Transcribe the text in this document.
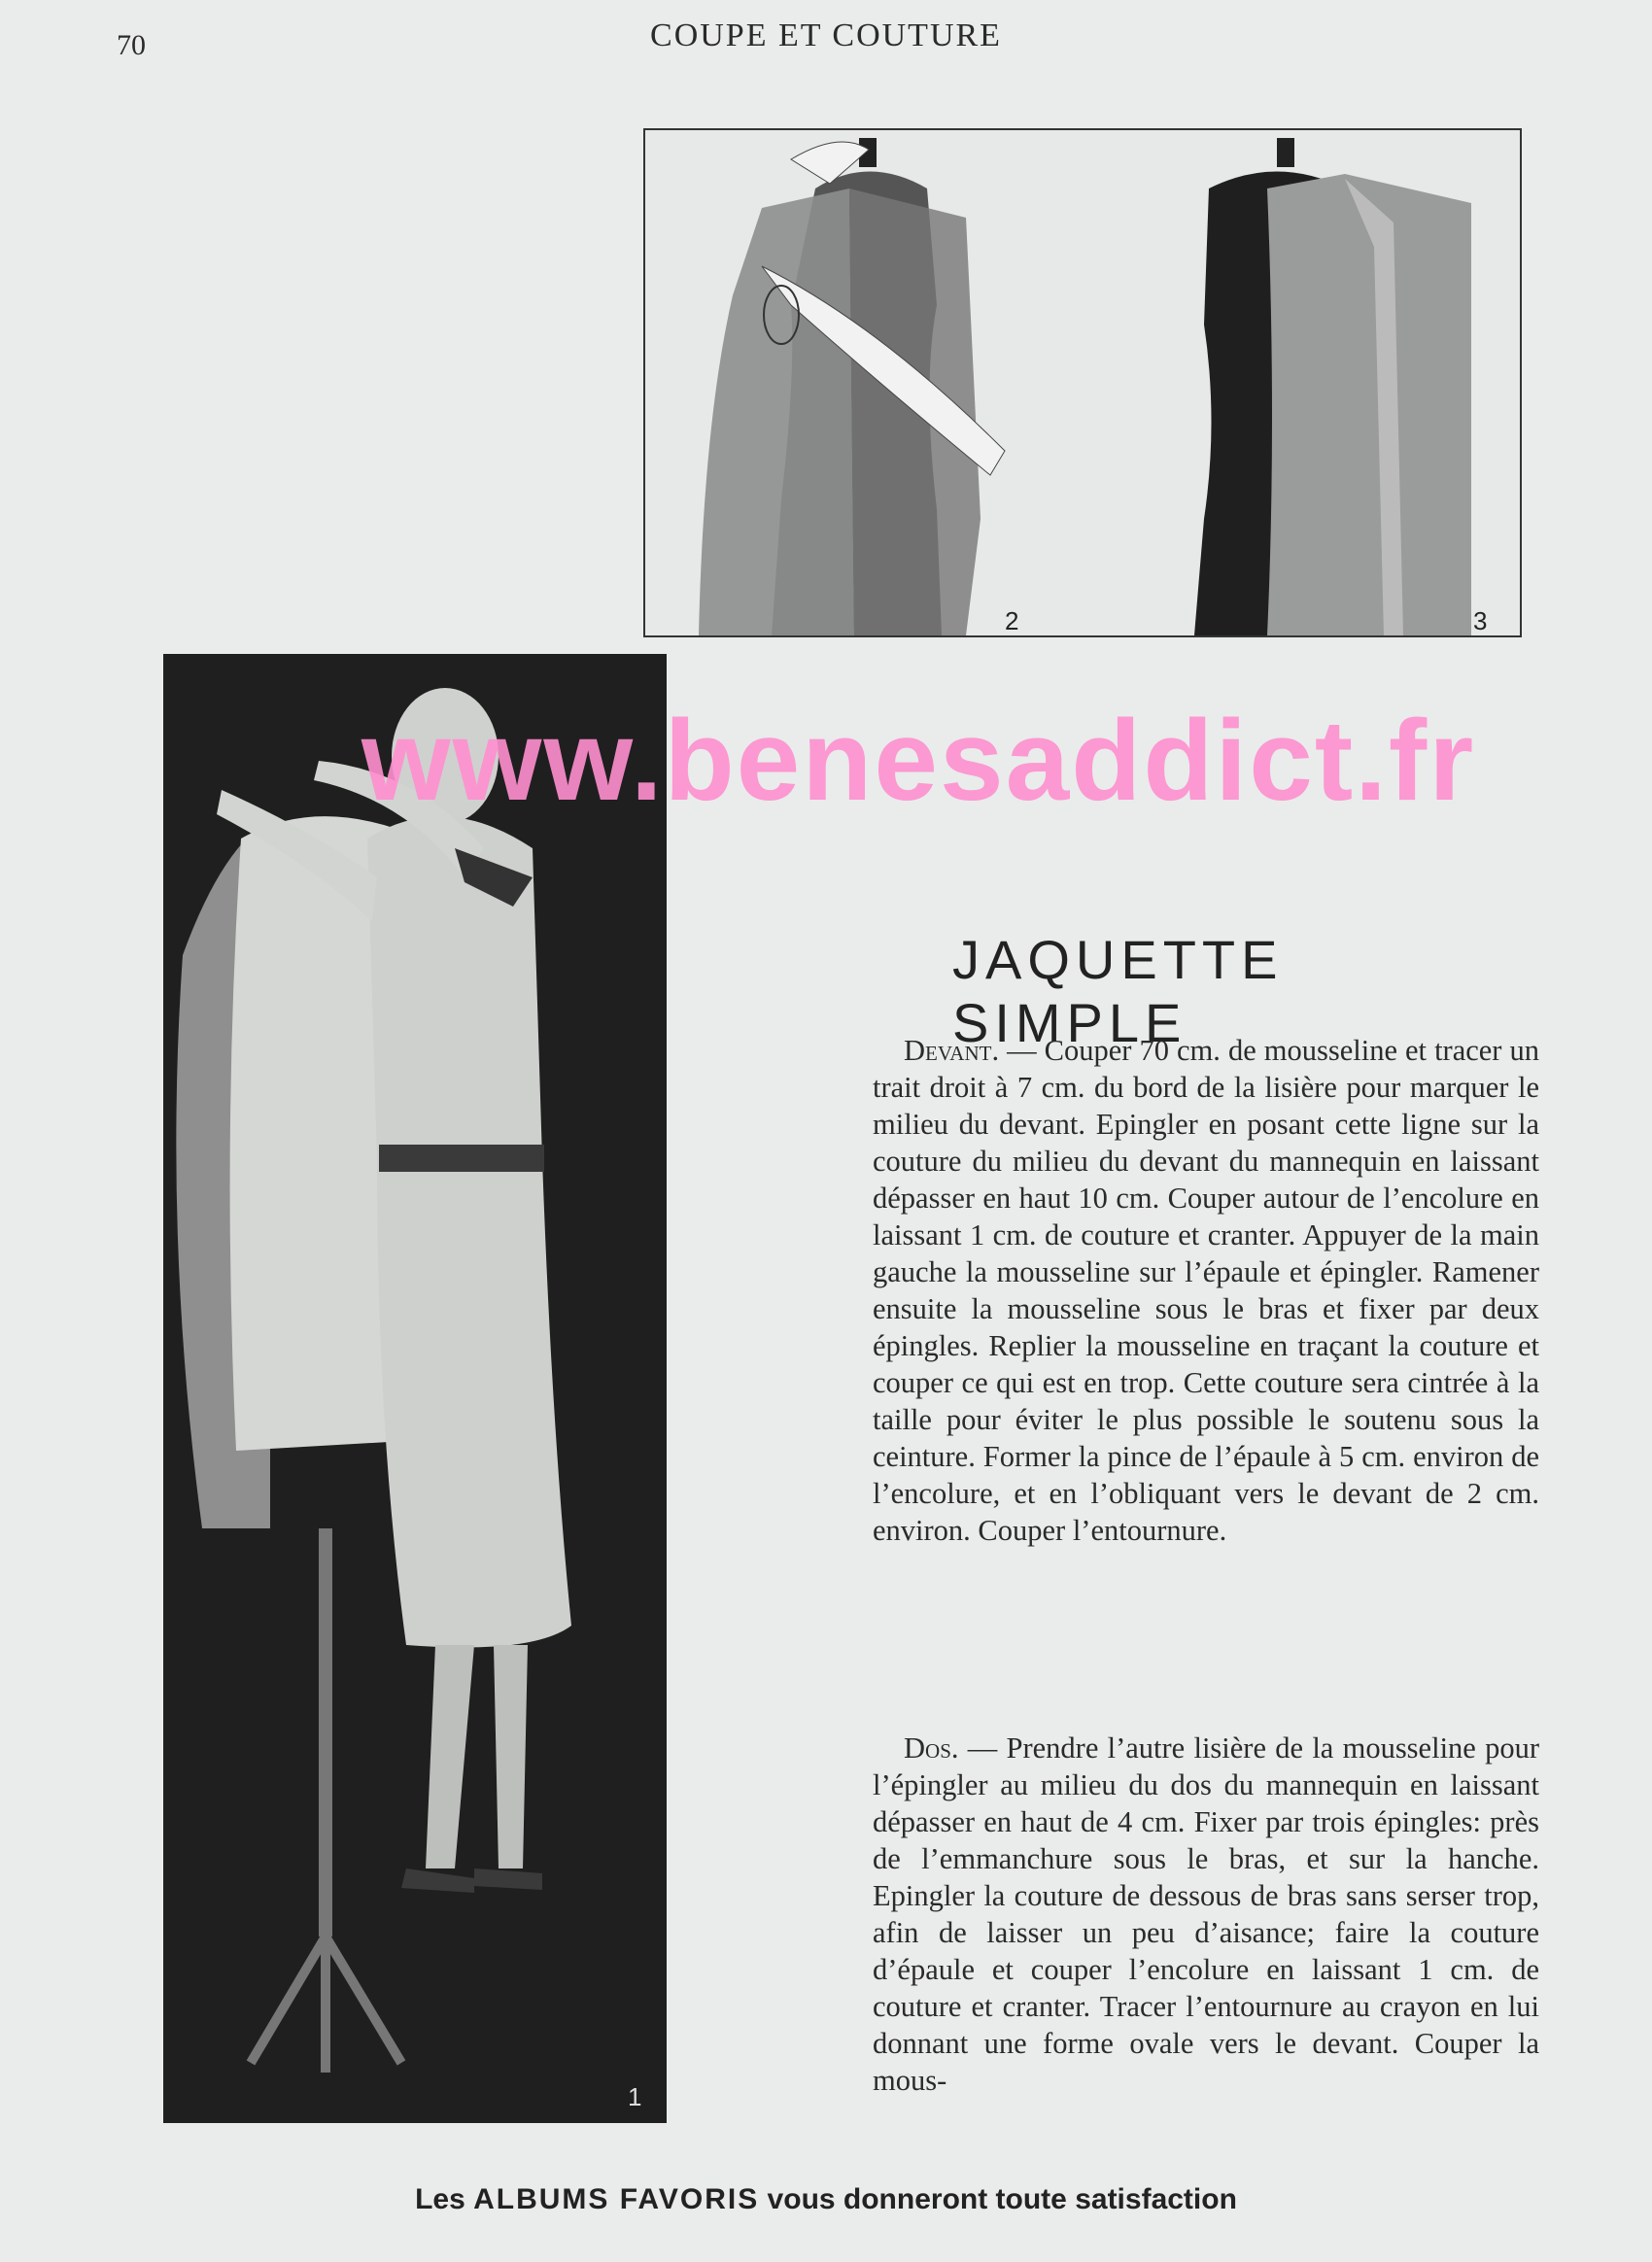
70	COUPE ET COUTURE
2	3
1
www.benesaddict.fr
JAQUETTE SIMPLE

Devant. — Couper 70 cm. de mousseline et tracer un trait droit à 7 cm. du bord de la lisière pour marquer le milieu du devant. Epingler en posant cette ligne sur la couture du milieu du devant du mannequin en laissant dépasser en haut 10 cm. Couper autour de l’encolure en laissant 1 cm. de couture et cranter. Appuyer de la main gauche la mousseline sur l’épaule et épingler. Ramener ensuite la mousseline sous le bras et fixer par deux épingles. Replier la mousseline en traçant la couture et couper ce qui est en trop. Cette couture sera cintrée à la taille pour éviter le plus possible le soutenu sous la ceinture. Former la pince de l’épaule à 5 cm. environ de l’encolure, et en l’obliquant vers le devant de 2 cm. environ. Couper l’entournure.

Dos. — Prendre l’autre lisière de la mousseline pour l’épingler au milieu du dos du mannequin en laissant dépasser en haut de 4 cm. Fixer par trois épingles: près de l’emmanchure sous le bras, et sur la hanche. Epingler la couture de dessous de bras sans serser trop, afin de laisser un peu d’aisance; faire la couture d’épaule et couper l’encolure en laissant 1 cm. de couture et cranter. Tracer l’entournure au crayon en lui donnant une forme ovale vers le devant. Couper la mous-

Les ALBUMS FAVORIS vous donneront toute satisfaction
